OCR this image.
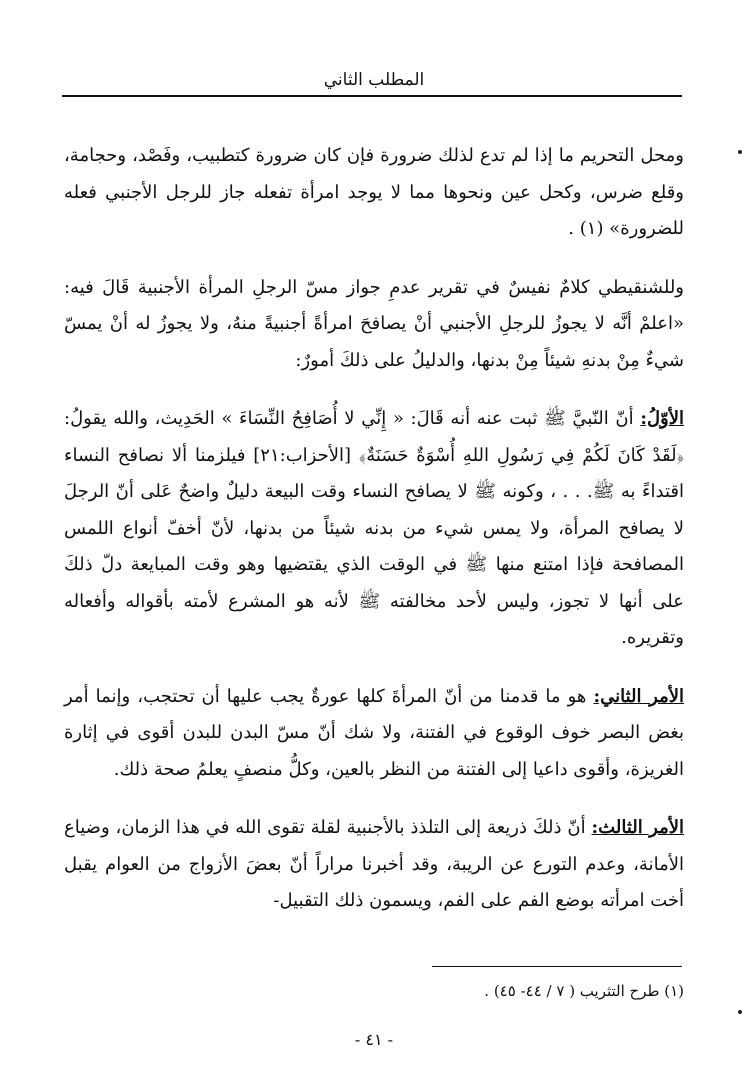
المطلب الثاني

ومحل التحريم ما إذا لم تدع لذلك ضرورة فإن كان ضرورة كتطبيب، وفَصْد، وحجامة، وقلع ضرس، وكحل عين ونحوها مما لا يوجد امرأة تفعله جاز للرجل الأجنبي فعله للضرورة» (١) .

وللشنقيطي كلامٌ نفيسٌ في تقرير عدمِ جواز مسّ الرجلِ المرأة الأجنبية قَالَ فيه: «اعلمْ أنَّه لا يجوزُ للرجلِ الأجنبي أنْ يصافحَ امرأةً أجنبيةً منهُ، ولا يجوزُ له أنْ يمسّ شيءٌ مِنْ بدنهِ شيئاً مِنْ بدنها، والدليلُ على ذلكَ أمورٌ:

الأوّلُ: أنّ النّبيَّ ﷺ ثبت عنه أنه قَالَ: « إِنِّي لا أُصَافِحُ النِّسَاءَ » الحَدِيث، والله يقولُ: ﴿لَقَدْ كَانَ لَكُمْ فِي رَسُولِ اللهِ أُسْوَةٌ حَسَنَةٌ﴾ [الأحزاب:٢١] فيلزمنا ألا نصافح النساء اقتداءً به ﷺ. . . ، وكونه ﷺ لا يصافح النساء وقت البيعة دليلٌ واضحٌ عَلى أنّ الرجلَ لا يصافح المرأة، ولا يمس شيء من بدنه شيئاً من بدنها، لأنّ أخفّ أنواع اللمس المصافحة فإذا امتنع منها ﷺ في الوقت الذي يقتضيها وهو وقت المبايعة دلّ ذلكَ على أنها لا تجوز، وليس لأحد مخالفته ﷺ لأنه هو المشرع لأمته بأقواله وأفعاله وتقريره.

الأمر الثاني: هو ما قدمنا من أنّ المرأةَ كلها عورةٌ يجب عليها أن تحتجب، وإنما أمر بغض البصر خوف الوقوع في الفتنة، ولا شك أنّ مسّ البدن للبدن أقوى في إثارة الغريزة، وأقوى داعيا إلى الفتنة من النظر بالعين، وكلُّ منصفٍ يعلمُ صحة ذلك.

الأمر الثالث: أنّ ذلكَ ذريعة إلى التلذذ بالأجنبية لقلة تقوى الله في هذا الزمان، وضياع الأمانة، وعدم التورع عن الريبة، وقد أخبرنا مراراً أنّ بعضَ الأزواج من العوام يقبل أخت امرأته بوضع الفم على الفم، ويسمون ذلك التقبيل-

(١) طرح التثريب ( ٧ / ٤٤- ٤٥) .
- ٤١ -
